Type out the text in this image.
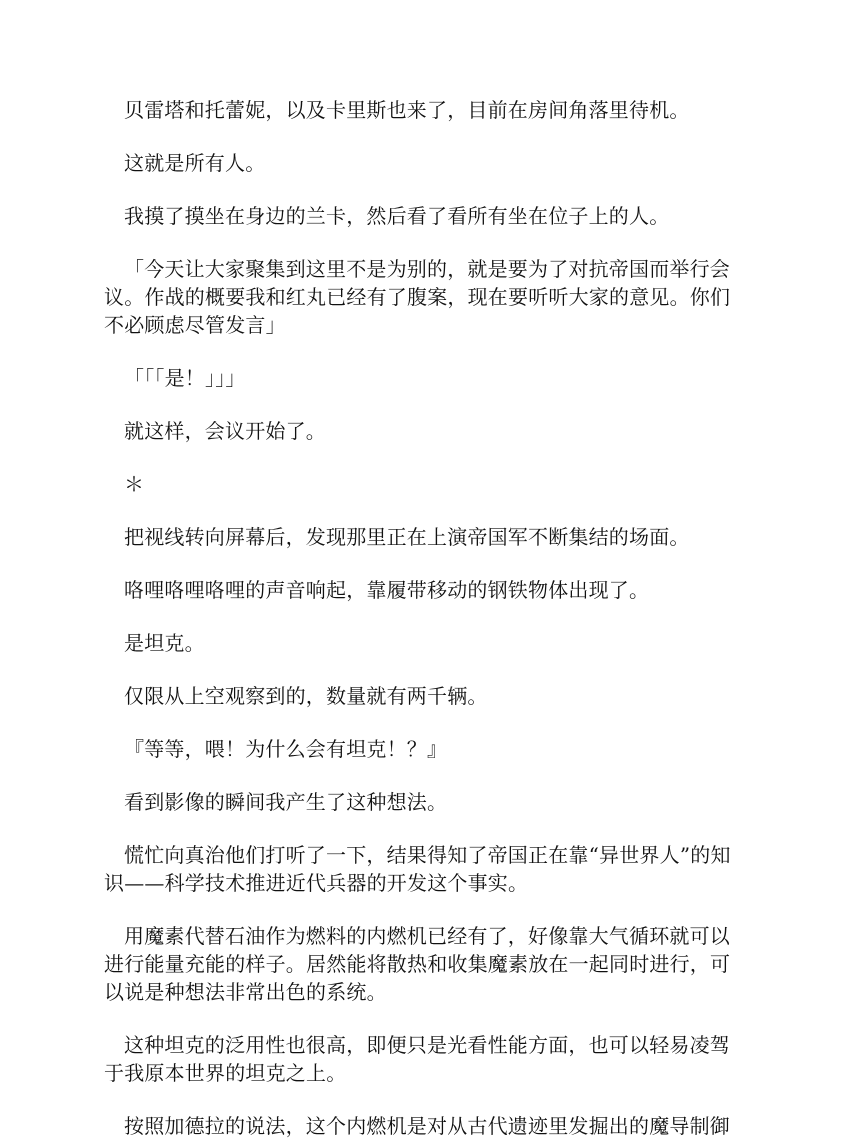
贝雷塔和托蕾妮，以及卡里斯也来了，目前在房间角落里待机。

这就是所有人。

我摸了摸坐在身边的兰卡，然后看了看所有坐在位子上的人。

「今天让大家聚集到这里不是为别的，就是要为了对抗帝国而举行会议。作战的概要我和红丸已经有了腹案，现在要听听大家的意见。你们不必顾虑尽管发言」

「「「是！」」」

就这样，会议开始了。

＊

把视线转向屏幕后，发现那里正在上演帝国军不断集结的场面。

咯哩咯哩咯哩的声音响起，靠履带移动的钢铁物体出现了。

是坦克。

仅限从上空观察到的，数量就有两千辆。

『等等，喂！为什么会有坦克！？』

看到影像的瞬间我产生了这种想法。

慌忙向真治他们打听了一下，结果得知了帝国正在靠“异世界人”的知识——科学技术推进近代兵器的开发这个事实。

用魔素代替石油作为燃料的内燃机已经有了，好像靠大气循环就可以进行能量充能的样子。居然能将散热和收集魔素放在一起同时进行，可以说是种想法非常出色的系统。

这种坦克的泛用性也很高，即便只是光看性能方面，也可以轻易凌驾于我原本世界的坦克之上。

按照加德拉的说法，这个内燃机是对从古代遗迹里发掘出的魔导制御
